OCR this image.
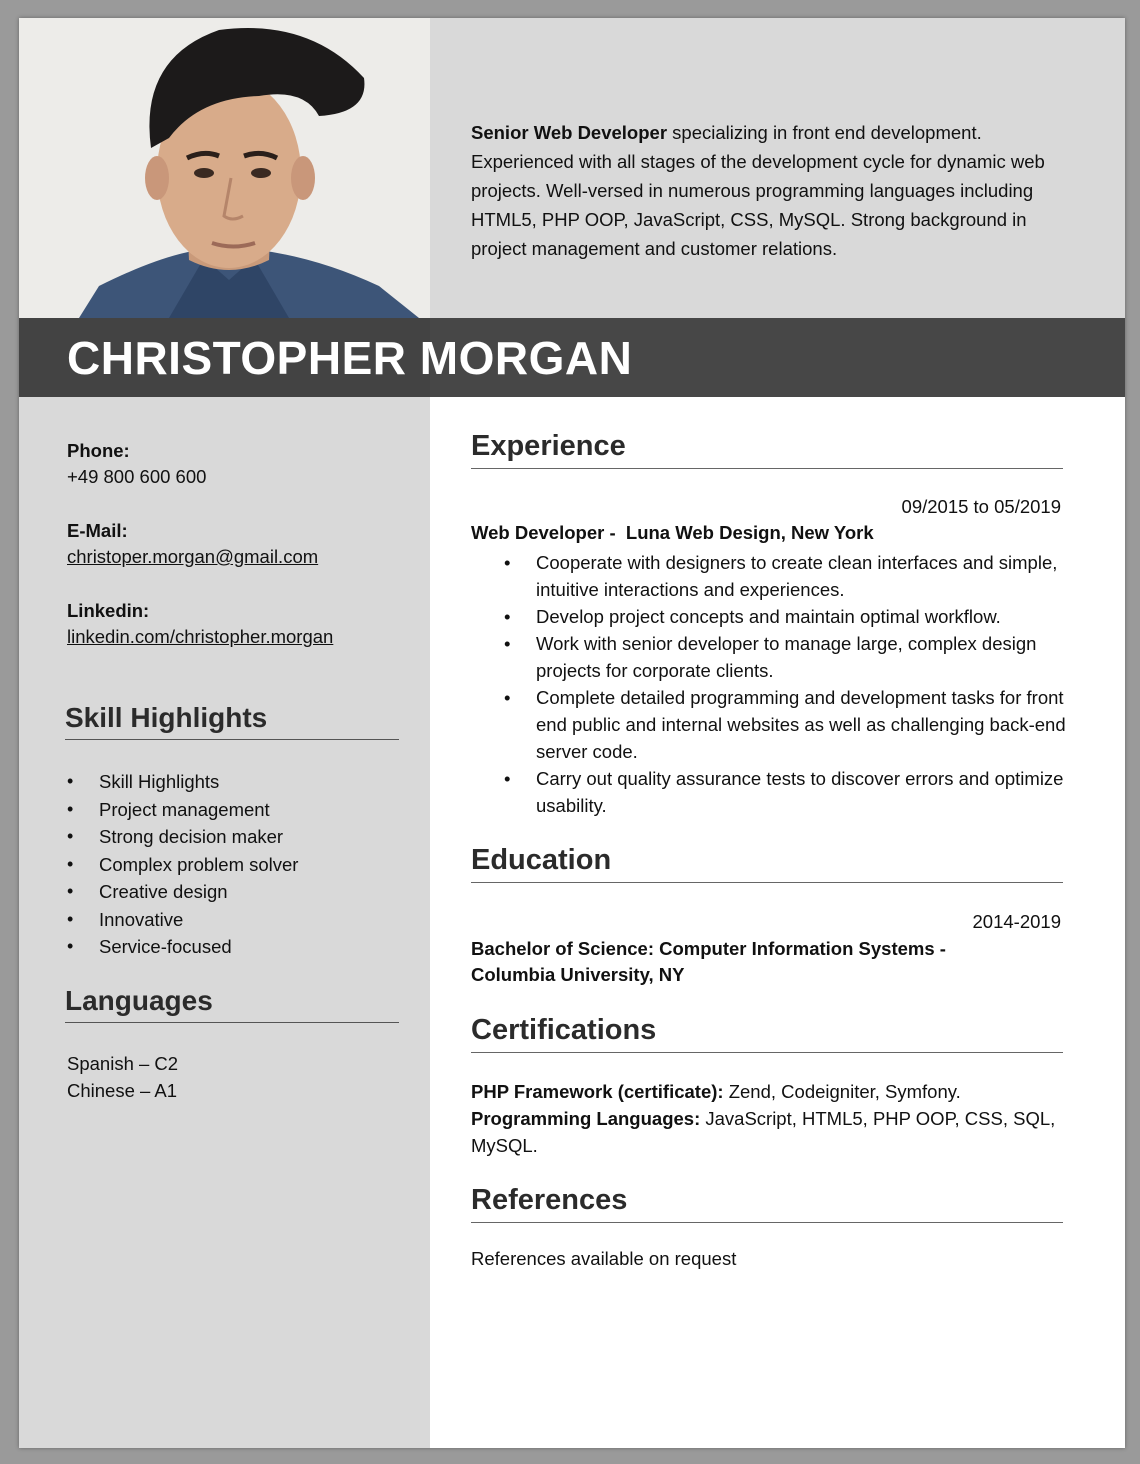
Senior Web Developer specializing in front end development. Experienced with all stages of the development cycle for dynamic web projects. Well-versed in numerous programming languages including HTML5, PHP OOP, JavaScript, CSS, MySQL. Strong background in project management and customer relations.
CHRISTOPHER MORGAN
Phone:
+49 800 600 600
E-Mail:
christoper.morgan@gmail.com
Linkedin:
linkedin.com/christopher.morgan
Skill Highlights
• Skill Highlights
• Project management
• Strong decision maker
• Complex problem solver
• Creative design
• Innovative
• Service-focused
Languages
Spanish – C2
Chinese – A1
Experience
09/2015 to 05/2019
Web Developer -  Luna Web Design, New York
• Cooperate with designers to create clean interfaces and simple, intuitive interactions and experiences.
• Develop project concepts and maintain optimal workflow.
• Work with senior developer to manage large, complex design projects for corporate clients.
• Complete detailed programming and development tasks for front end public and internal websites as well as challenging back-end server code.
• Carry out quality assurance tests to discover errors and optimize usability.
Education
2014-2019
Bachelor of Science: Computer Information Systems - Columbia University, NY
Certifications
PHP Framework (certificate): Zend, Codeigniter, Symfony.
Programming Languages: JavaScript, HTML5, PHP OOP, CSS, SQL, MySQL.
References
References available on request
